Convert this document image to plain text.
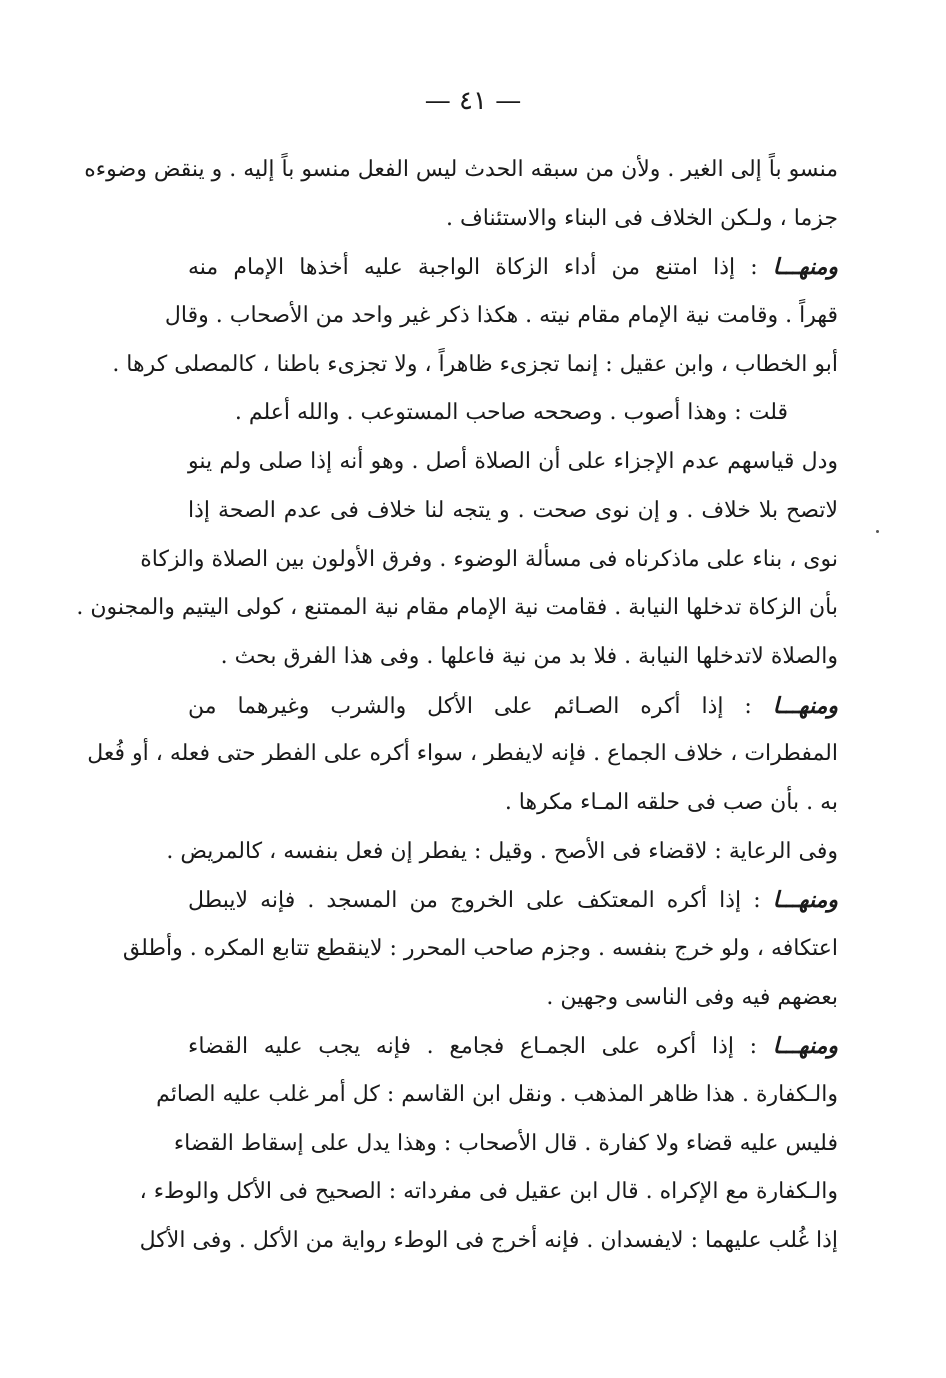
— ٤١ —
منسو باً إلى الغير . ولأن من سبقه الحدث ليس الفعل منسو باً إليه . و ينقض وضوءه
جزما ، ولـكن الخلاف فى البناء والاستئناف .
ومنهـــا : إذا امتنع من أداء الزكاة الواجبة عليه أخذها الإمام منه
قهراً . وقامت نية الإمام مقام نيته . هكذا ذكر غير واحد من الأصحاب . وقال
أبو الخطاب ، وابن عقيل : إنما تجزىء ظاهراً ، ولا تجزىء باطنا ، كالمصلى كرها .
قلت : وهذا أصوب . وصححه صاحب المستوعب . والله أعلم .
ودل قياسهم عدم الإجزاء على أن الصلاة أصل . وهو أنه إذا صلى ولم ينو
لاتصح بلا خلاف . و إن نوى صحت . و يتجه لنا خلاف فى عدم الصحة إذا
نوى ، بناء على ماذكرناه فى مسألة الوضوء . وفرق الأولون بين الصلاة والزكاة
بأن الزكاة تدخلها النيابة . فقامت نية الإمام مقام نية الممتنع ، كولى اليتيم والمجنون .
والصلاة لاتدخلها النيابة . فلا بد من نية فاعلها . وفى هذا الفرق بحث .
ومنهـــا : إذا أكره الصـائم على الأكل والشرب وغيرهما من
المفطرات ، خلاف الجماع . فإنه لايفطر ، سواء أكره على الفطر حتى فعله ، أو فُعل
به . بأن صب فى حلقه المـاء مكرها .
وفى الرعاية : لاقضاء فى الأصح . وقيل : يفطر إن فعل بنفسه ، كالمريض .
ومنهـــا : إذا أكره المعتكف على الخروج من المسجد . فإنه لايبطل
اعتكافه ، ولو خرج بنفسه . وجزم صاحب المحرر : لاينقطع تتابع المكره . وأطلق
بعضهم فيه وفى الناسى وجهين .
ومنهـــا : إذا أكره على الجمـاع فجامع . فإنه يجب عليه القضاء
والـكفارة . هذا ظاهر المذهب . ونقل ابن القاسم : كل أمر غلب عليه الصائم
فليس عليه قضاء ولا كفارة . قال الأصحاب : وهذا يدل على إسقاط القضاء
والـكفارة مع الإكراه . قال ابن عقيل فى مفرداته : الصحيح فى الأكل والوطء ،
إذا غُلب عليهما : لايفسدان . فإنه أخرج فى الوطء رواية من الأكل . وفى الأكل
